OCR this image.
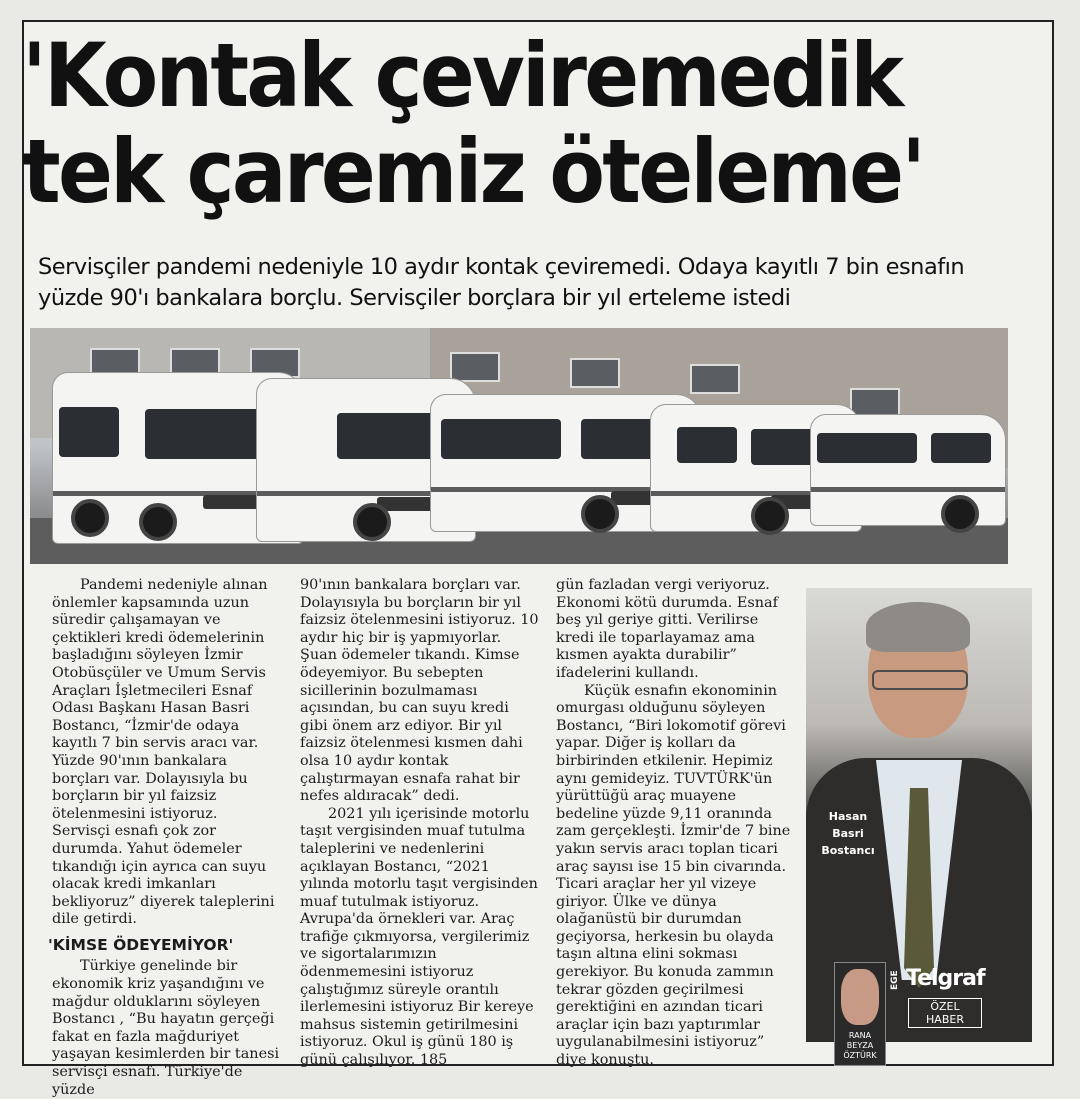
'Kontak çeviremedik
tek çaremiz öteleme'
Servisçiler pandemi nedeniyle 10 aydır kontak çeviremedi. Odaya kayıtlı 7 bin esnafın yüzde 90'ı bankalara borçlu. Servisçiler borçlara bir yıl erteleme istedi

Pandemi nedeniyle alınan önlemler kapsamında uzun süredir çalışamayan ve çektikleri kredi ödemelerinin başladığını söyleyen İzmir Otobüsçüler ve Umum Servis Araçları İşletmecileri Esnaf Odası Başkanı Hasan Basri Bostancı, “İzmir'de odaya kayıtlı 7 bin servis aracı var. Yüzde 90'ının bankalara borçları var. Dolayısıyla bu borçların bir yıl faizsiz ötelenmesini istiyoruz. Servisçi esnafı çok zor durumda. Yahut ödemeler tıkandığı için ayrıca can suyu olacak kredi imkanları bekliyoruz” diyerek taleplerini dile getirdi.

'KİMSE ÖDEYEMİYOR'

Türkiye genelinde bir ekonomik kriz yaşandığını ve mağdur olduklarını söyleyen Bostancı , “Bu hayatın gerçeği fakat en fazla mağduriyet yaşayan kesimlerden bir tanesi servisçi esnafı. Türkiye'de yüzde

90'ının bankalara borçları var. Dolayısıyla bu borçların bir yıl faizsiz ötelenmesini istiyoruz. 10 aydır hiç bir iş yapmıyorlar. Şuan ödemeler tıkandı. Kimse ödeyemiyor. Bu sebepten sicillerinin bozulmaması açısından, bu can suyu kredi gibi önem arz ediyor. Bir yıl faizsiz ötelenmesi kısmen dahi olsa 10 aydır kontak çalıştırmayan esnafa rahat bir nefes aldıracak” dedi.

2021 yılı içerisinde motorlu taşıt vergisinden muaf tutulma taleplerini ve nedenlerini açıklayan Bostancı, “2021 yılında motorlu taşıt vergisinden muaf tutulmak istiyoruz. Avrupa'da örnekleri var. Araç trafiğe çıkmıyorsa, vergilerimiz ve sigortalarımızın ödenmemesini istiyoruz çalıştığımız süreyle orantılı ilerlemesini istiyoruz Bir kereye mahsus sistemin getirilmesini istiyoruz. Okul iş günü 180 iş günü çalışılıyor. 185

gün fazladan vergi veriyoruz. Ekonomi kötü durumda. Esnaf beş yıl geriye gitti. Verilirse kredi ile toparlayamaz ama kısmen ayakta durabilir” ifadelerini kullandı.

Küçük esnafın ekonominin omurgası olduğunu söyleyen Bostancı, “Biri lokomotif görevi yapar. Diğer iş kolları da birbirinden etkilenir. Hepimiz aynı gemideyiz. TUVTÜRK'ün yürüttüğü araç muayene bedeline yüzde 9,11 oranında zam gerçekleşti. İzmir'de 7 bine yakın servis aracı toplan ticari araç sayısı ise 15 bin civarında. Ticari araçlar her yıl vizeye giriyor. Ülke ve dünya olağanüstü bir durumdan geçiyorsa, herkesin bu olayda taşın altına elini sokması gerekiyor. Bu konuda zammın tekrar gözden geçirilmesi gerektiğini en azından ticari araçlar için bazı yaptırımlar uygulanabilmesini istiyoruz” diye konuştu.

Hasan
Basri
Bostancı
RANA
BEYZA
ÖZTÜRK
EGE Telgraf
ÖZEL
HABER
